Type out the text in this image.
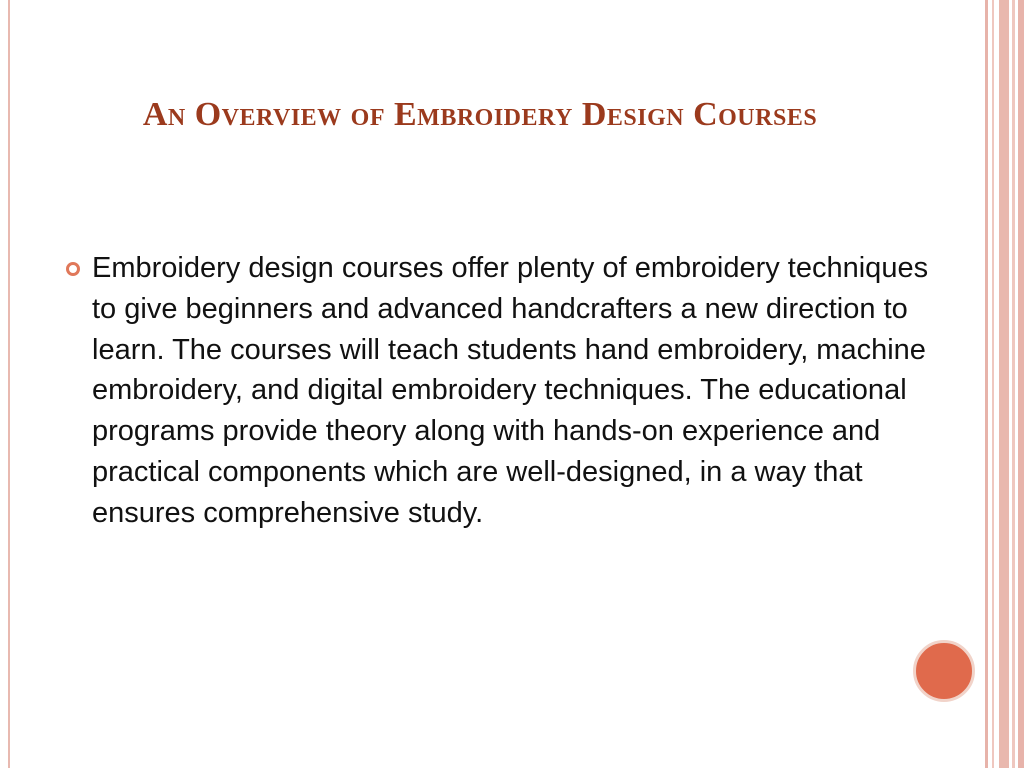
An Overview of Embroidery Design Courses
Embroidery design courses offer plenty of embroidery techniques to give beginners and advanced handcrafters a new direction to learn. The courses will teach students hand embroidery, machine embroidery, and digital embroidery techniques. The educational programs provide theory along with hands-on experience and practical components which are well-designed, in a way that ensures comprehensive study.
